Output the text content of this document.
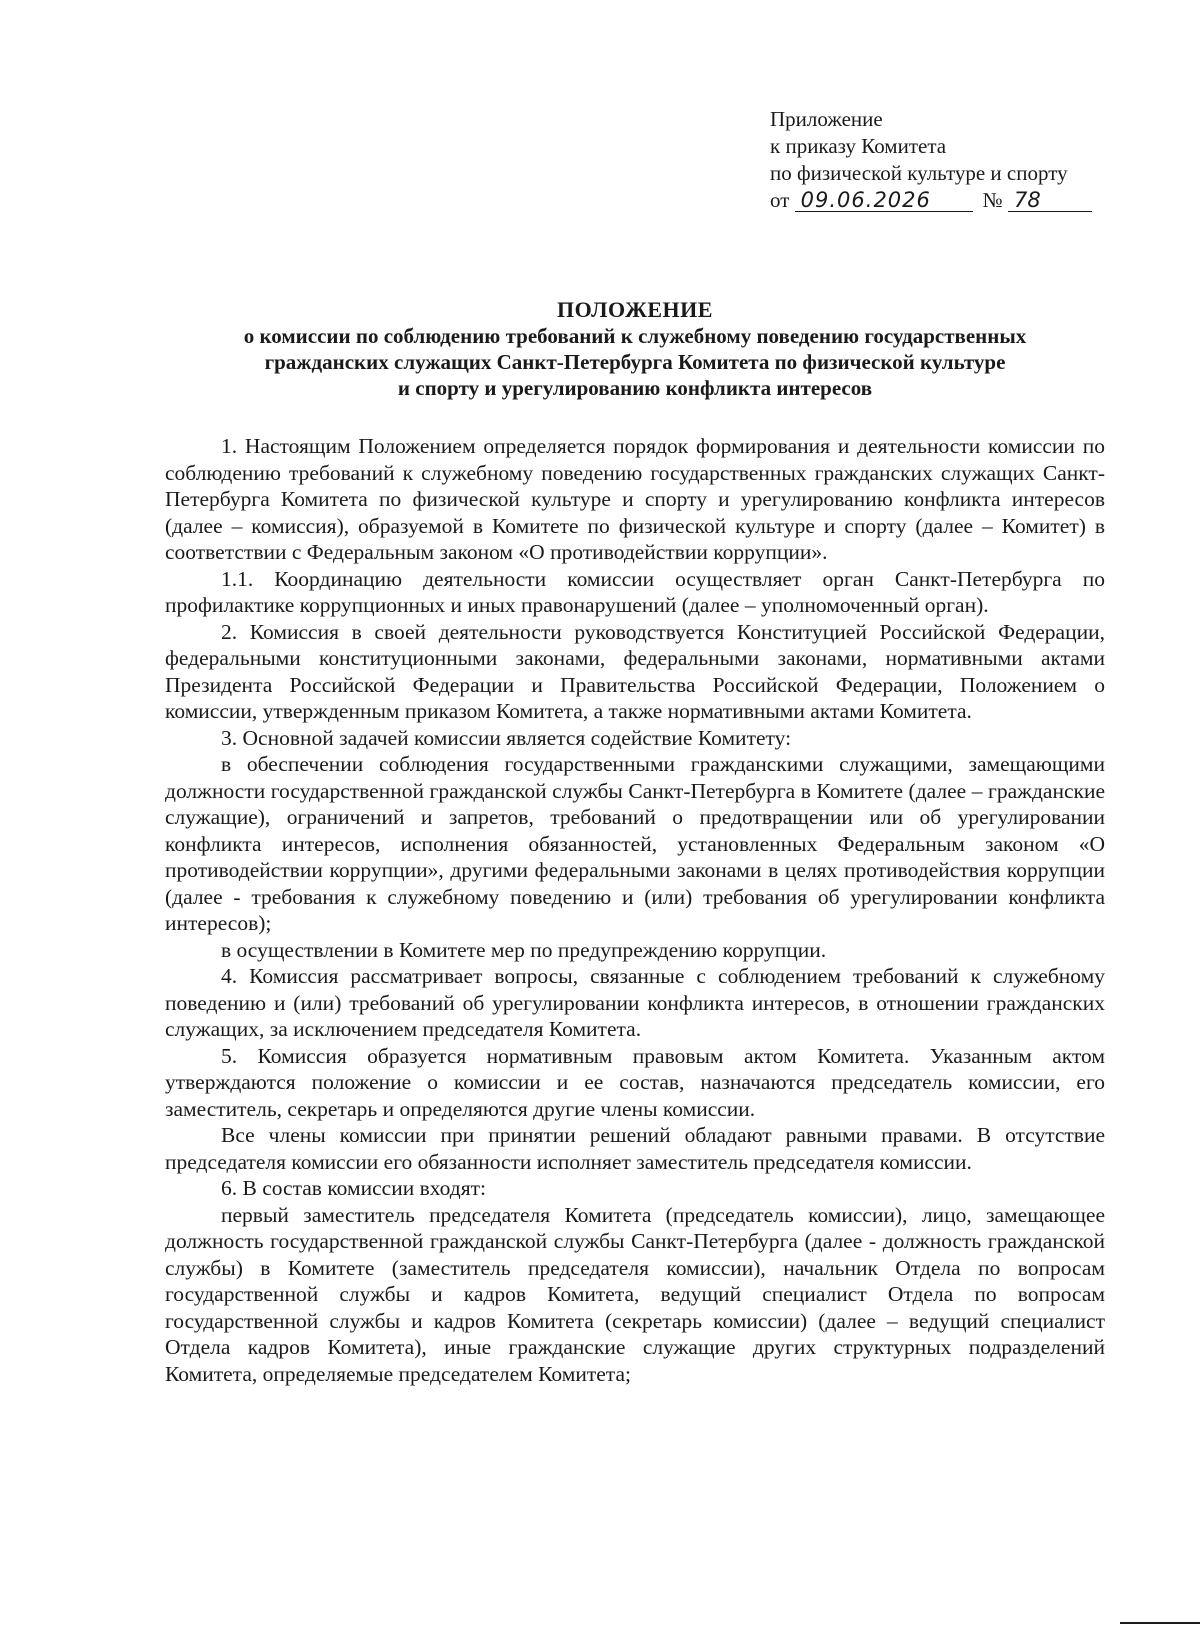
Приложение
к приказу Комитета
по физической культуре и спорту
от 09.06.2026 № 78
ПОЛОЖЕНИЕ
о комиссии по соблюдению требований к служебному поведению государственных
гражданских служащих Санкт-Петербурга Комитета по физической культуре
и спорту и урегулированию конфликта интересов

1. Настоящим Положением определяется порядок формирования и деятельности комиссии по соблюдению требований к служебному поведению государственных гражданских служащих Санкт-Петербурга Комитета по физической культуре и спорту и урегулированию конфликта интересов (далее – комиссия), образуемой в Комитете по физической культуре и спорту (далее – Комитет) в соответствии с Федеральным законом «О противодействии коррупции».

1.1. Координацию деятельности комиссии осуществляет орган Санкт-Петербурга по профилактике коррупционных и иных правонарушений (далее – уполномоченный орган).

2. Комиссия в своей деятельности руководствуется Конституцией Российской Федерации, федеральными конституционными законами, федеральными законами, нормативными актами Президента Российской Федерации и Правительства Российской Федерации, Положением о комиссии, утвержденным приказом Комитета, а также нормативными актами Комитета.

3. Основной задачей комиссии является содействие Комитету:

в обеспечении соблюдения государственными гражданскими служащими, замещающими должности государственной гражданской службы Санкт-Петербурга в Комитете (далее – гражданские служащие), ограничений и запретов, требований о предотвращении или об урегулировании конфликта интересов, исполнения обязанностей, установленных Федеральным законом «О противодействии коррупции», другими федеральными законами в целях противодействия коррупции (далее - требования к служебному поведению и (или) требования об урегулировании конфликта интересов);

в осуществлении в Комитете мер по предупреждению коррупции.

4. Комиссия рассматривает вопросы, связанные с соблюдением требований к служебному поведению и (или) требований об урегулировании конфликта интересов, в отношении гражданских служащих, за исключением председателя Комитета.

5. Комиссия образуется нормативным правовым актом Комитета. Указанным актом утверждаются положение о комиссии и ее состав, назначаются председатель комиссии, его заместитель, секретарь и определяются другие члены комиссии.

Все члены комиссии при принятии решений обладают равными правами. В отсутствие председателя комиссии его обязанности исполняет заместитель председателя комиссии.

6. В состав комиссии входят:

первый заместитель председателя Комитета (председатель комиссии), лицо, замещающее должность государственной гражданской службы Санкт-Петербурга (далее - должность гражданской службы) в Комитете (заместитель председателя комиссии), начальник Отдела по вопросам государственной службы и кадров Комитета, ведущий специалист Отдела по вопросам государственной службы и кадров Комитета (секретарь комиссии) (далее – ведущий специалист Отдела кадров Комитета), иные гражданские служащие других структурных подразделений Комитета, определяемые председателем Комитета;
